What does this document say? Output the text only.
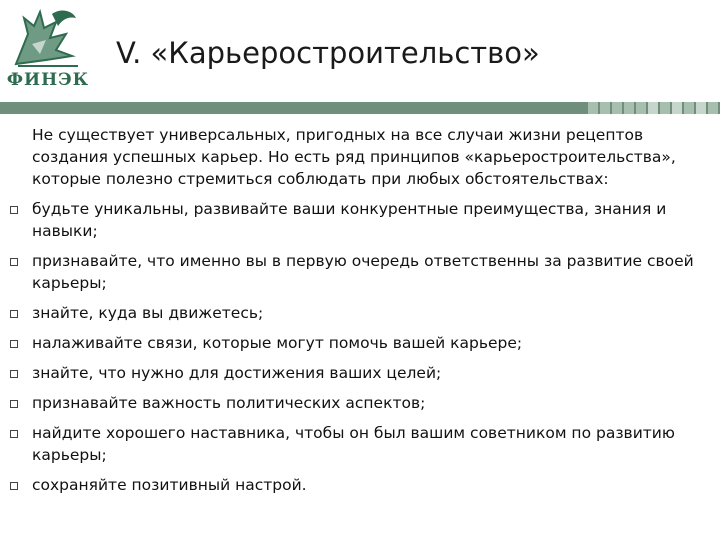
ФИНЭК
V. «Карьеростроительство»
Не существует универсальных, пригодных на все случаи жизни рецептов
создания успешных карьер. Но есть ряд принципов «карьеростроительства»,
которые полезно стремиться соблюдать при любых обстоятельствах:
будьте уникальны, развивайте ваши конкурентные преимущества, знания и
навыки;
признавайте, что именно вы в первую очередь ответственны за развитие своей
карьеры;
знайте, куда вы движетесь;
налаживайте связи, которые могут помочь вашей карьере;
знайте, что нужно для достижения ваших целей;
признавайте важность политических аспектов;
найдите хорошего наставника, чтобы он был вашим советником по развитию
карьеры;
сохраняйте позитивный настрой.
